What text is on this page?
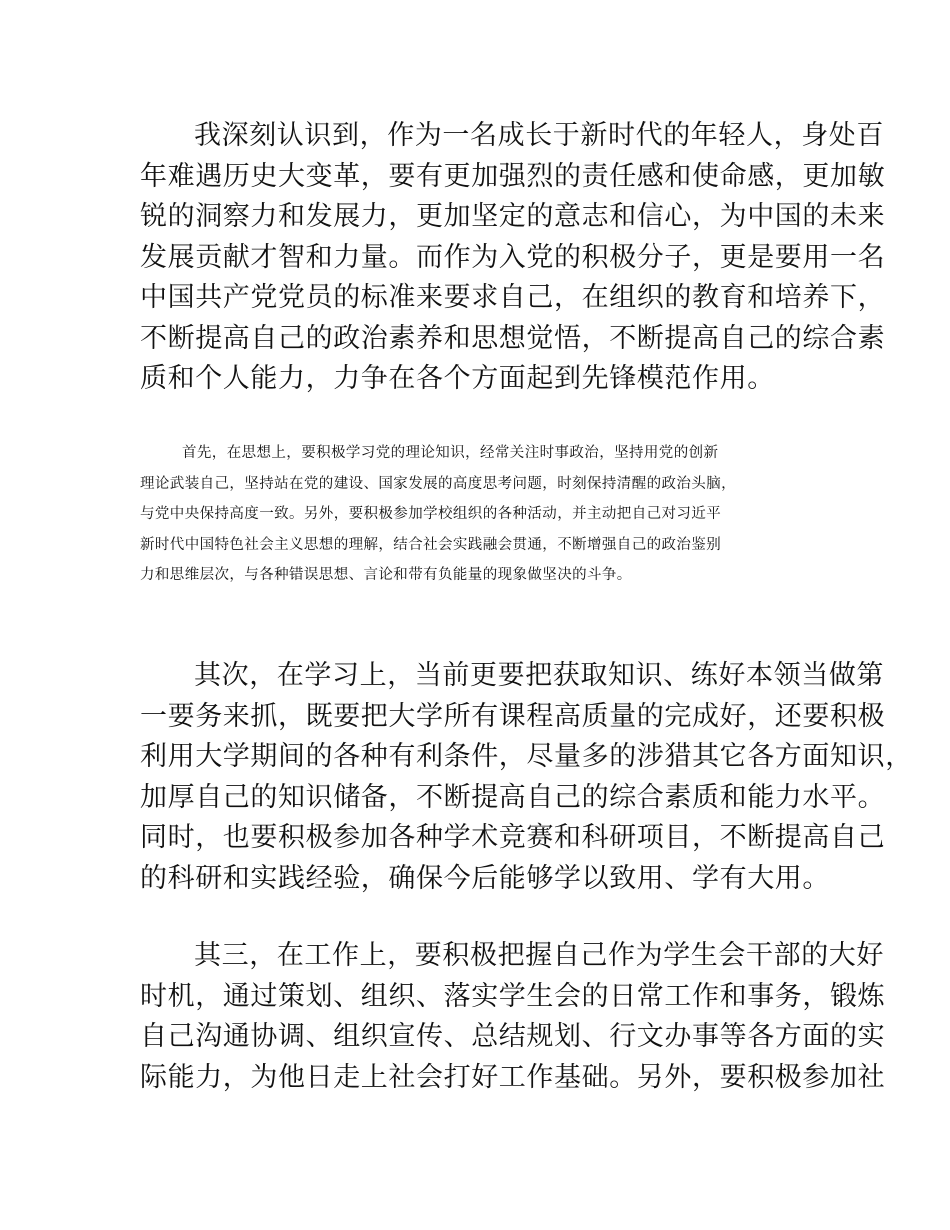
我深刻认识到，作为一名成长于新时代的年轻人，身处百
年难遇历史大变革，要有更加强烈的责任感和使命感，更加敏
锐的洞察力和发展力，更加坚定的意志和信心，为中国的未来
发展贡献才智和力量。而作为入党的积极分子，更是要用一名
中国共产党党员的标准来要求自己，在组织的教育和培养下，
不断提高自己的政治素养和思想觉悟，不断提高自己的综合素
质和个人能力，力争在各个方面起到先锋模范作用。
首先，在思想上，要积极学习党的理论知识，经常关注时事政治，坚持用党的创新
理论武装自己，坚持站在党的建设、国家发展的高度思考问题，时刻保持清醒的政治头脑，
与党中央保持高度一致。另外，要积极参加学校组织的各种活动，并主动把自己对习近平
新时代中国特色社会主义思想的理解，结合社会实践融会贯通，不断增强自己的政治鉴别
力和思维层次，与各种错误思想、言论和带有负能量的现象做坚决的斗争。
其次，在学习上，当前更要把获取知识、练好本领当做第
一要务来抓，既要把大学所有课程高质量的完成好，还要积极
利用大学期间的各种有利条件，尽量多的涉猎其它各方面知识，
加厚自己的知识储备，不断提高自己的综合素质和能力水平。
同时，也要积极参加各种学术竞赛和科研项目，不断提高自己
的科研和实践经验，确保今后能够学以致用、学有大用。
其三，在工作上，要积极把握自己作为学生会干部的大好
时机，通过策划、组织、落实学生会的日常工作和事务，锻炼
自己沟通协调、组织宣传、总结规划、行文办事等各方面的实
际能力，为他日走上社会打好工作基础。另外，要积极参加社
